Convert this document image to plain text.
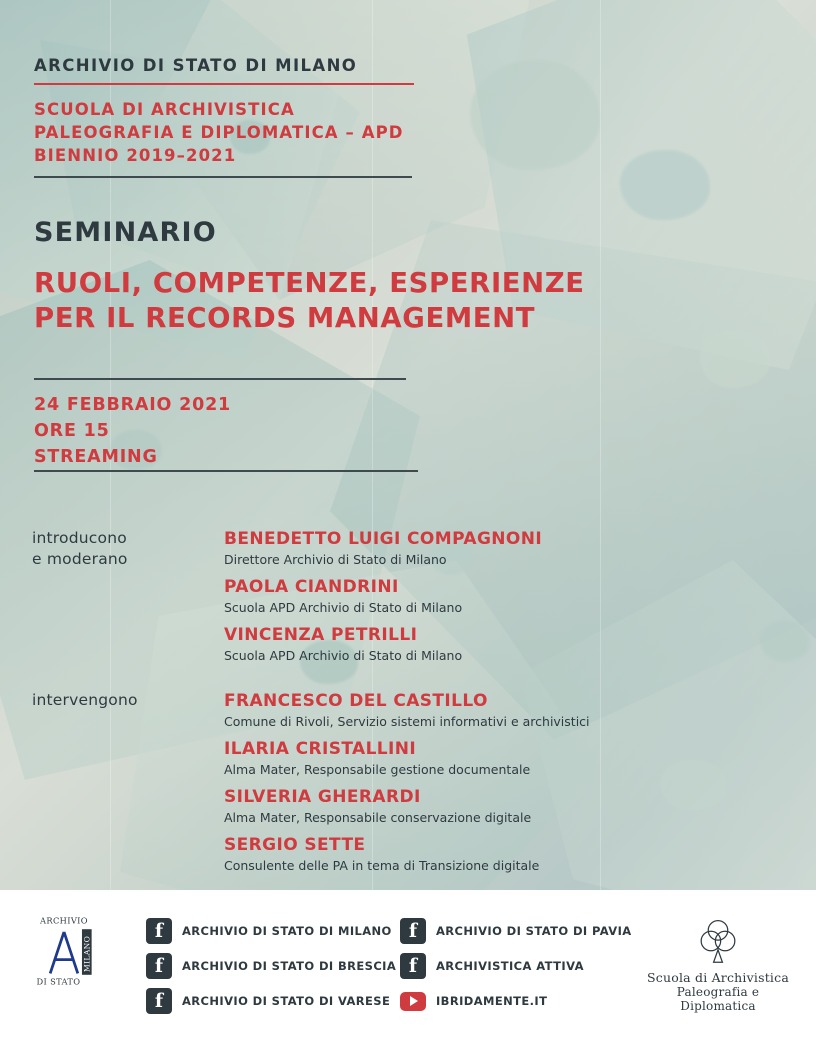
ARCHIVIO DI STATO DI MILANO
SCUOLA DI ARCHIVISTICA
PALEOGRAFIA E DIPLOMATICA – APD
BIENNIO 2019–2021
SEMINARIO
RUOLI, COMPETENZE, ESPERIENZE
PER IL RECORDS MANAGEMENT
24 FEBBRAIO 2021
ORE 15
STREAMING
introducono
e moderano
BENEDETTO LUIGI COMPAGNONI
Direttore Archivio di Stato di Milano
PAOLA CIANDRINI
Scuola APD Archivio di Stato di Milano
VINCENZA PETRILLI
Scuola APD Archivio di Stato di Milano
intervengono	FRANCESCO DEL CASTILLO
Comune di Rivoli, Servizio sistemi informativi e archivistici
ILARIA CRISTALLINI
Alma Mater, Responsabile gestione documentale
SILVERIA GHERARDI
Alma Mater, Responsabile conservazione digitale
SERGIO SETTE
Consulente delle PA in tema di Transizione digitale
ARCHIVIO
MILANO
DI STATO
f	ARCHIVIO DI STATO DI MILANO f	ARCHIVIO DI STATO DI PAVIA
f	ARCHIVIO DI STATO DI BRESCIA f	ARCHIVISTICA ATTIVA
f	ARCHIVIO DI STATO DI VARESE	IBRIDAMENTE.IT
Scuola di Archivistica
Paleografia e Diplomatica
